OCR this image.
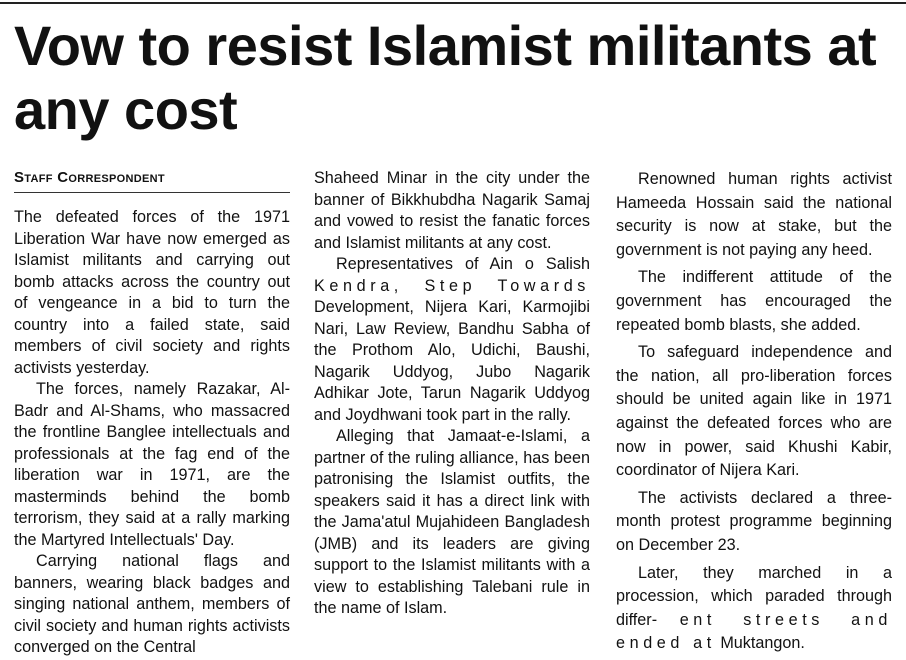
Vow to resist Islamist militants at any cost
Staff Correspondent

The defeated forces of the 1971 Liberation War have now emerged as Islamist militants and carrying out bomb attacks across the country out of vengeance in a bid to turn the country into a failed state, said members of civil society and rights activists yesterday.

The forces, namely Razakar, Al-Badr and Al-Shams, who massacred the frontline Banglee intellectuals and professionals at the fag end of the liberation war in 1971, are the masterminds behind the bomb terrorism, they said at a rally marking the Martyred Intellectuals' Day.

Carrying national flags and banners, wearing black badges and singing national anthem, members of civil society and human rights activists converged on the Central

Shaheed Minar in the city under the banner of Bikkhubdha Nagarik Samaj and vowed to resist the fanatic forces and Islamist militants at any cost.

Representatives of Ain o Salish Kendra, Step Towards Development, Nijera Kari, Karmojibi Nari, Law Review, Bandhu Sabha of the Prothom Alo, Udichi, Baushi, Nagarik Uddyog, Jubo Nagarik Adhikar Jote, Tarun Nagarik Uddyog and Joydhwani took part in the rally.

Alleging that Jamaat-e-Islami, a partner of the ruling alliance, has been patronising the Islamist outfits, the speakers said it has a direct link with the Jama'atul Mujahideen Bangladesh (JMB) and its leaders are giving support to the Islamist militants with a view to establishing Talebani rule in the name of Islam.

Renowned human rights activist Hameeda Hossain said the national security is now at stake, but the government is not paying any heed.

The indifferent attitude of the government has encouraged the repeated bomb blasts, she added.

To safeguard independence and the nation, all pro-liberation forces should be united again like in 1971 against the defeated forces who are now in power, said Khushi Kabir, coordinator of Nijera Kari.

The activists declared a three-month protest programme beginning on December 23.

Later, they marched in a procession, which paraded through differ- ent streets and ended at Muktangon.
